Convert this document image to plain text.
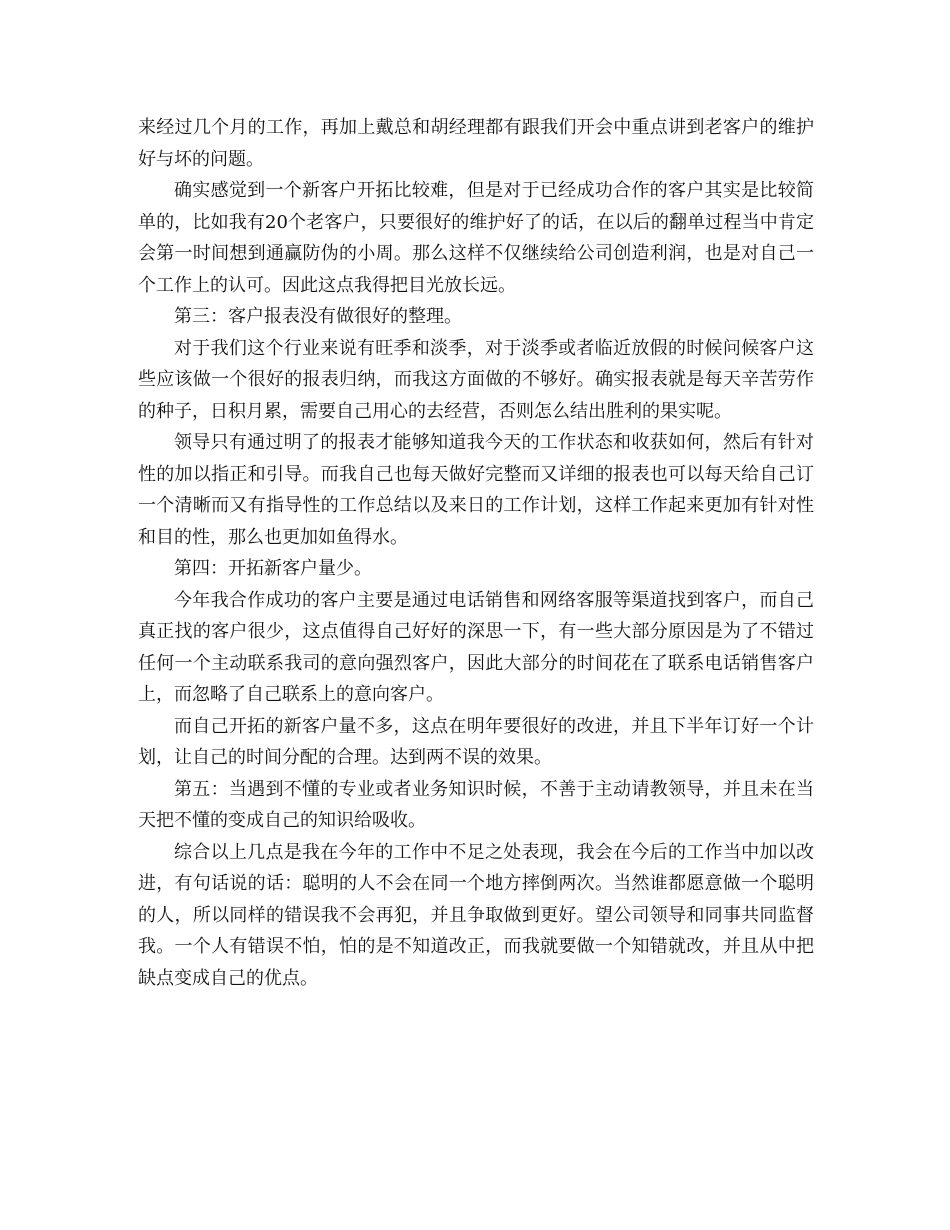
来经过几个月的工作，再加上戴总和胡经理都有跟我们开会中重点讲到老客户的维护好与坏的问题。

确实感觉到一个新客户开拓比较难，但是对于已经成功合作的客户其实是比较简单的，比如我有20个老客户，只要很好的维护好了的话，在以后的翻单过程当中肯定会第一时间想到通赢防伪的小周。那么这样不仅继续给公司创造利润，也是对自己一个工作上的认可。因此这点我得把目光放长远。

第三：客户报表没有做很好的整理。

对于我们这个行业来说有旺季和淡季，对于淡季或者临近放假的时候问候客户这些应该做一个很好的报表归纳，而我这方面做的不够好。确实报表就是每天辛苦劳作的种子，日积月累，需要自己用心的去经营，否则怎么结出胜利的果实呢。

领导只有通过明了的报表才能够知道我今天的工作状态和收获如何，然后有针对性的加以指正和引导。而我自己也每天做好完整而又详细的报表也可以每天给自己订一个清晰而又有指导性的工作总结以及来日的工作计划，这样工作起来更加有针对性和目的性，那么也更加如鱼得水。

第四：开拓新客户量少。

今年我合作成功的客户主要是通过电话销售和网络客服等渠道找到客户，而自己真正找的客户很少，这点值得自己好好的深思一下，有一些大部分原因是为了不错过任何一个主动联系我司的意向强烈客户，因此大部分的时间花在了联系电话销售客户上，而忽略了自己联系上的意向客户。

而自己开拓的新客户量不多，这点在明年要很好的改进，并且下半年订好一个计划，让自己的时间分配的合理。达到两不误的效果。

第五：当遇到不懂的专业或者业务知识时候，不善于主动请教领导，并且未在当天把不懂的变成自己的知识给吸收。

综合以上几点是我在今年的工作中不足之处表现，我会在今后的工作当中加以改进，有句话说的话：聪明的人不会在同一个地方摔倒两次。当然谁都愿意做一个聪明的人，所以同样的错误我不会再犯，并且争取做到更好。望公司领导和同事共同监督我。一个人有错误不怕，怕的是不知道改正，而我就要做一个知错就改，并且从中把缺点变成自己的优点。
